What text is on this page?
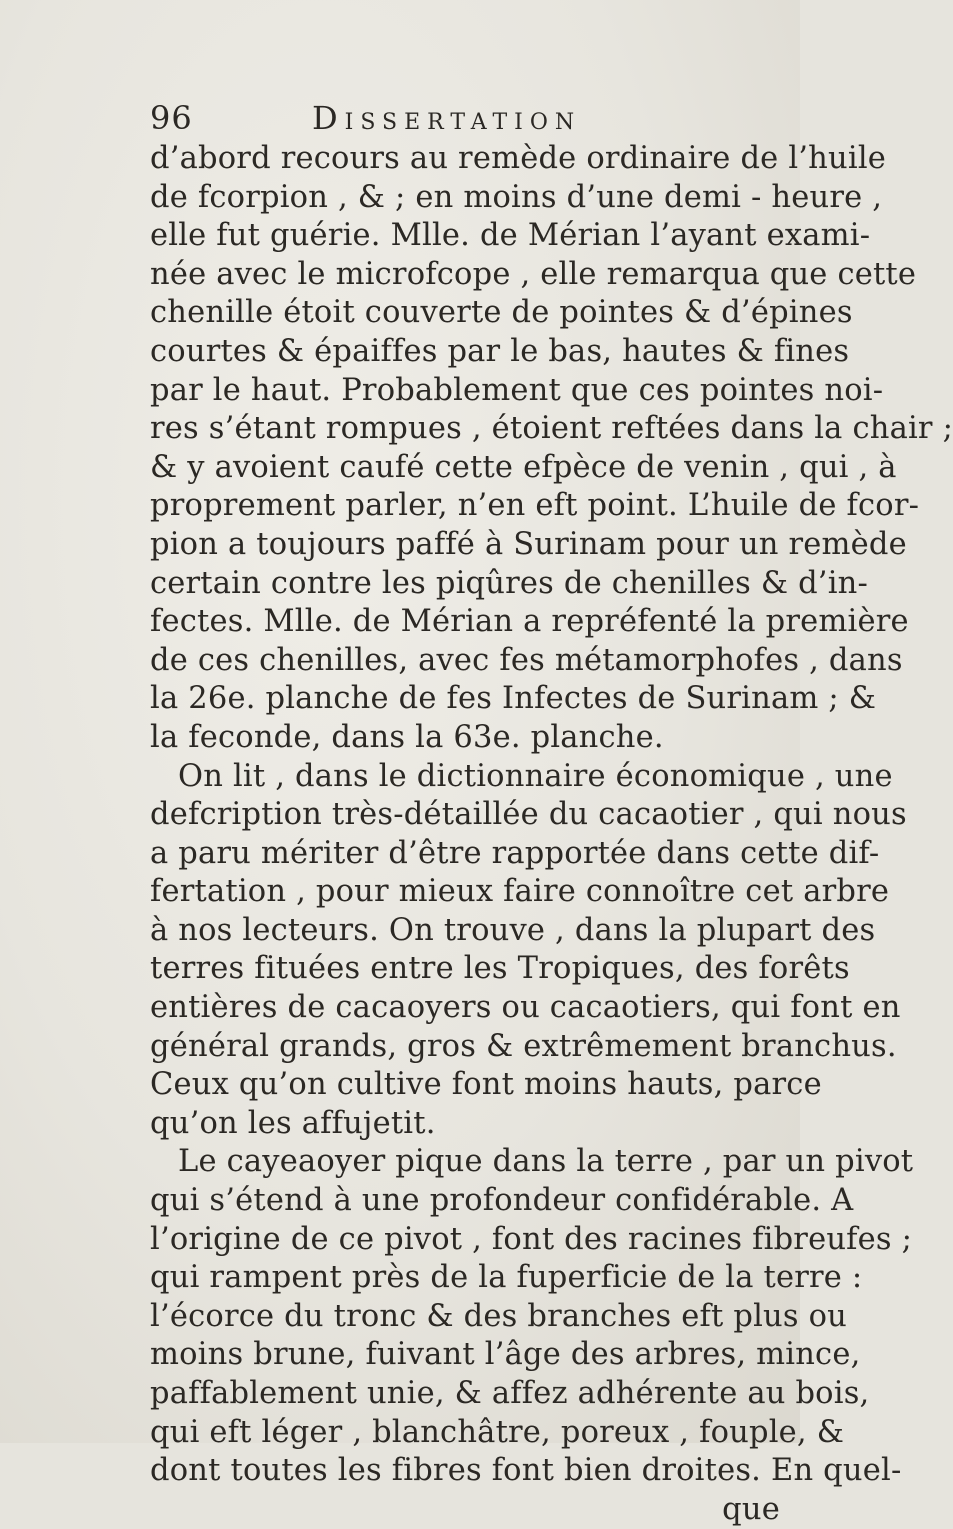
96	Dissertation
d’abord recours au remède ordinaire de l’huile
de fcorpion , & ; en moins d’une demi - heure ,
elle fut guérie. Mlle. de Mérian l’ayant exami-
née avec le microfcope , elle remarqua que cette
chenille étoit couverte de pointes & d’épines
courtes & épaiffes par le bas, hautes & fines
par le haut. Probablement que ces pointes noi-
res s’étant rompues , étoient reftées dans la chair ;
& y avoient caufé cette efpèce de venin , qui , à
proprement parler, n’en eft point. L’huile de fcor-
pion a toujours paffé à Surinam pour un remède
certain contre les piqûres de chenilles & d’in-
fectes. Mlle. de Mérian a repréfenté la première
de ces chenilles, avec fes métamorphofes , dans
la 26e. planche de fes Infectes de Surinam ; &
la feconde, dans la 63e. planche.
On lit , dans le dictionnaire économique , une
defcription très-détaillée du cacaotier , qui nous
a paru mériter d’être rapportée dans cette dif-
fertation , pour mieux faire connoître cet arbre
à nos lecteurs. On trouve , dans la plupart des
terres fituées entre les Tropiques, des forêts
entières de cacaoyers ou cacaotiers, qui font en
général grands, gros & extrêmement branchus.
Ceux qu’on cultive font moins hauts, parce
qu’on les affujetit.
Le cayeaoyer pique dans la terre , par un pivot
qui s’étend à une profondeur confidérable. A
l’origine de ce pivot , font des racines fibreufes ;
qui rampent près de la fuperficie de la terre :
l’écorce du tronc & des branches eft plus ou
moins brune, fuivant l’âge des arbres, mince,
paffablement unie, & affez adhérente au bois,
qui eft léger , blanchâtre, poreux , fouple, &
dont toutes les fibres font bien droites. En quel-
que
